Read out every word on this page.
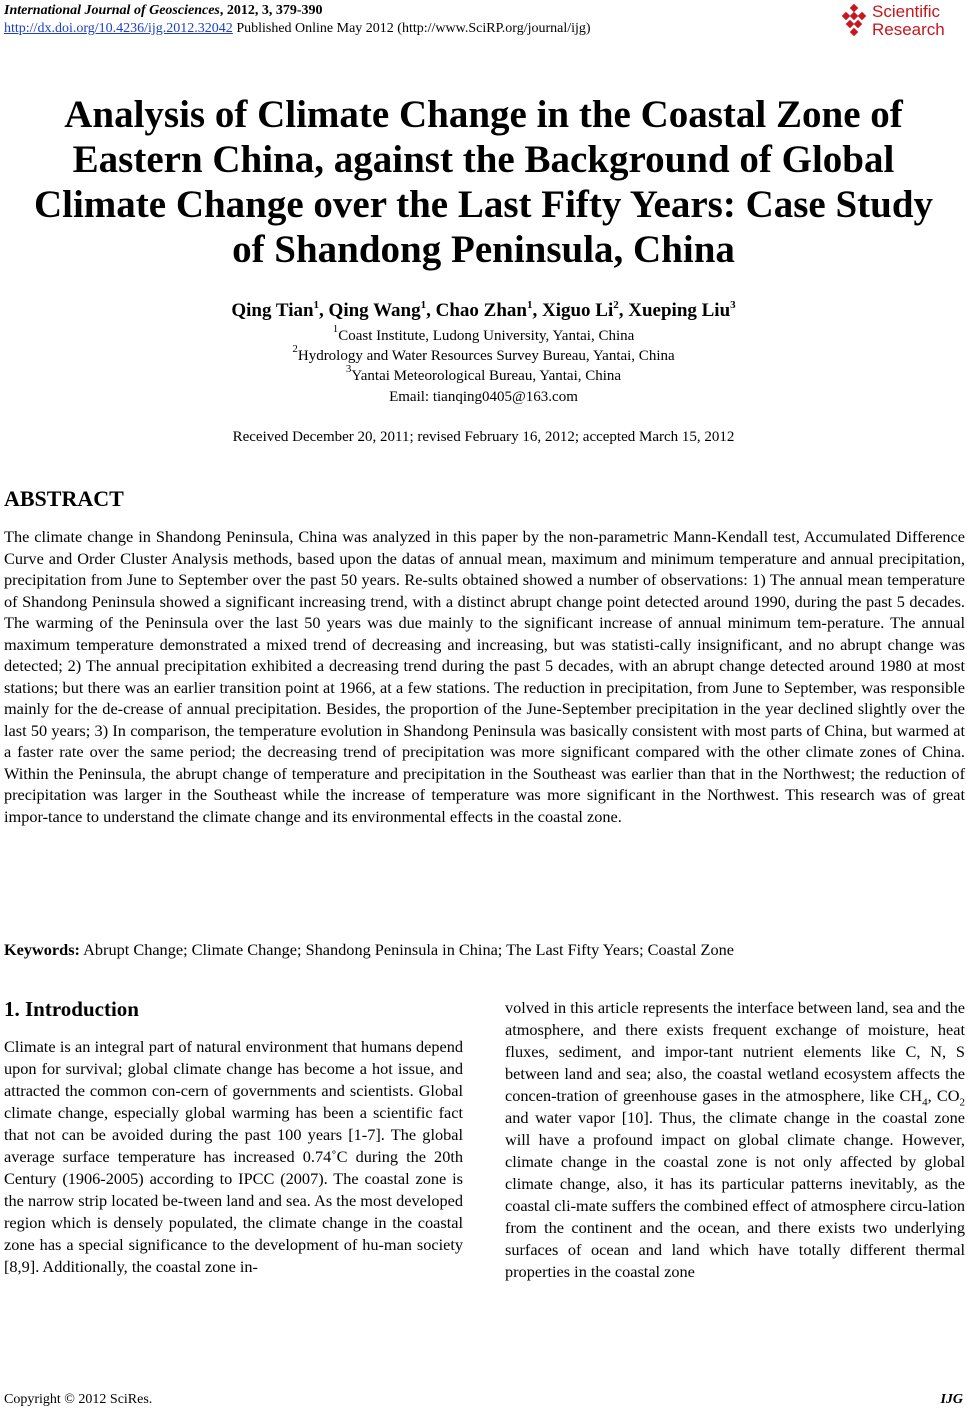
International Journal of Geosciences, 2012, 3, 379-390
http://dx.doi.org/10.4236/ijg.2012.32042 Published Online May 2012 (http://www.SciRP.org/journal/ijg)
Scientific
Research
Analysis of Climate Change in the Coastal Zone of Eastern China, against the Background of Global Climate Change over the Last Fifty Years: Case Study of Shandong Peninsula, China
Qing Tian$^1$, Qing Wang$^1$, Chao Zhan$^1$, Xiguo Li$^2$, Xueping Liu$^3$
$^1$Coast Institute, Ludong University, Yantai, China
$^2$Hydrology and Water Resources Survey Bureau, Yantai, China
$^3$Yantai Meteorological Bureau, Yantai, China
Email: tianqing0405@163.com
Received December 20, 2011; revised February 16, 2012; accepted March 15, 2012
ABSTRACT
The climate change in Shandong Peninsula, China was analyzed in this paper by the non-parametric Mann-Kendall test, Accumulated Difference Curve and Order Cluster Analysis methods, based upon the datas of annual mean, maximum and minimum temperature and annual precipitation, precipitation from June to September over the past 50 years. Re-sults obtained showed a number of observations: 1) The annual mean temperature of Shandong Peninsula showed a significant increasing trend, with a distinct abrupt change point detected around 1990, during the past 5 decades. The warming of the Peninsula over the last 50 years was due mainly to the significant increase of annual minimum tem-perature. The annual maximum temperature demonstrated a mixed trend of decreasing and increasing, but was statisti-cally insignificant, and no abrupt change was detected; 2) The annual precipitation exhibited a decreasing trend during the past 5 decades, with an abrupt change detected around 1980 at most stations; but there was an earlier transition point at 1966, at a few stations. The reduction in precipitation, from June to September, was responsible mainly for the de-crease of annual precipitation. Besides, the proportion of the June-September precipitation in the year declined slightly over the last 50 years; 3) In comparison, the temperature evolution in Shandong Peninsula was basically consistent with most parts of China, but warmed at a faster rate over the same period; the decreasing trend of precipitation was more significant compared with the other climate zones of China. Within the Peninsula, the abrupt change of temperature and precipitation in the Southeast was earlier than that in the Northwest; the reduction of precipitation was larger in the Southeast while the increase of temperature was more significant in the Northwest. This research was of great impor-tance to understand the climate change and its environmental effects in the coastal zone.
Keywords: Abrupt Change; Climate Change; Shandong Peninsula in China; The Last Fifty Years; Coastal Zone
1. Introduction
Climate is an integral part of natural environment that humans depend upon for survival; global climate change has become a hot issue, and attracted the common con-cern of governments and scientists. Global climate change, especially global warming has been a scientific fact that not can be avoided during the past 100 years [1-7]. The global average surface temperature has increased 0.74˚C during the 20th Century (1906-2005) according to IPCC (2007). The coastal zone is the narrow strip located be-tween land and sea. As the most developed region which is densely populated, the climate change in the coastal zone has a special significance to the development of hu-man society [8,9]. Additionally, the coastal zone in-
volved in this article represents the interface between land, sea and the atmosphere, and there exists frequent exchange of moisture, heat fluxes, sediment, and impor-tant nutrient elements like C, N, S between land and sea; also, the coastal wetland ecosystem affects the concen-tration of greenhouse gases in the atmosphere, like $CH_4$, $CO_2$ and water vapor [10]. Thus, the climate change in the coastal zone will have a profound impact on global climate change. However, climate change in the coastal zone is not only affected by global climate change, also, it has its particular patterns inevitably, as the coastal cli-mate suffers the combined effect of atmosphere circu-lation from the continent and the ocean, and there exists two underlying surfaces of ocean and land which have totally different thermal properties in the coastal zone
Copyright © 2012 SciRes.	IJG
